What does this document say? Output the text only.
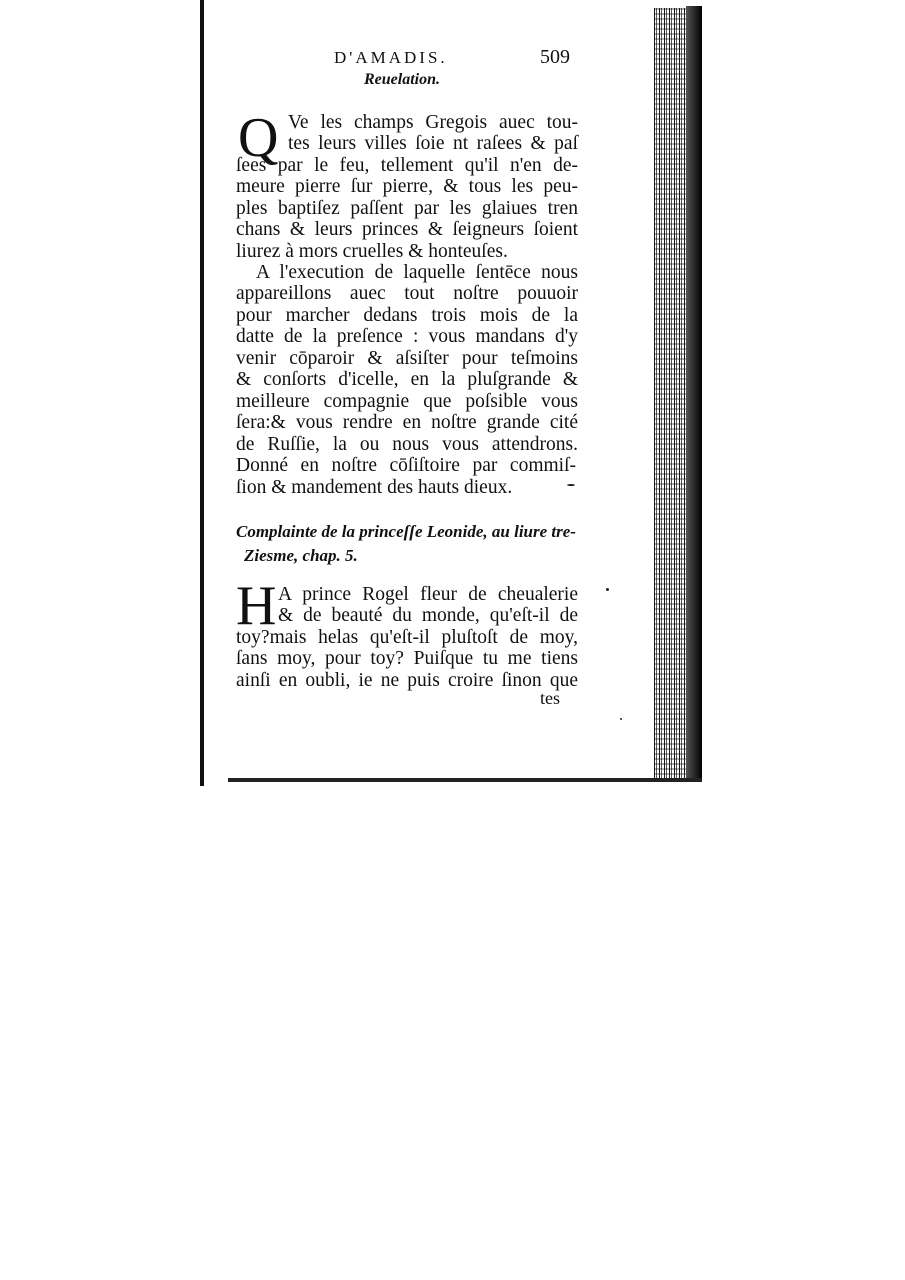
D'AMADIS.	509
Reuelation.
Q Ve les champs Gregois auec tou-
tes leurs villes ſoie nt raſees & paſ
ſees par le feu, tellement qu'il n'en de-
meure pierre ſur pierre, & tous les peu-
ples baptiſez paſſent par les glaiues tren
chans & leurs princes & ſeigneurs ſoient
liurez à mors cruelles & honteuſes.
A l'execution de laquelle ſentēce nous
appareillons auec tout noſtre pouuoir
pour marcher dedans trois mois de la
datte de la preſence : vous mandans d'y
venir cōparoir & aſsiſter pour teſmoins
& conſorts d'icelle, en la pluſgrande &
meilleure compagnie que poſsible vous
ſera:& vous rendre en noſtre grande cité
de Ruſſie, la ou nous vous attendrons.
Donné en noſtre cōſiſtoire par commiſ-
ſion & mandement des hauts dieux.
Complainte de la princeſſe Leonide, au liure tre-
Ziesme, chap. 5.
H A prince Rogel fleur de cheualerie
& de beauté du monde, qu'eſt-il de
toy?mais helas qu'eſt-il pluſtoſt de moy,
ſans moy, pour toy? Puiſque tu me tiens
ainſi en oubli, ie ne puis croire ſinon que
tes
